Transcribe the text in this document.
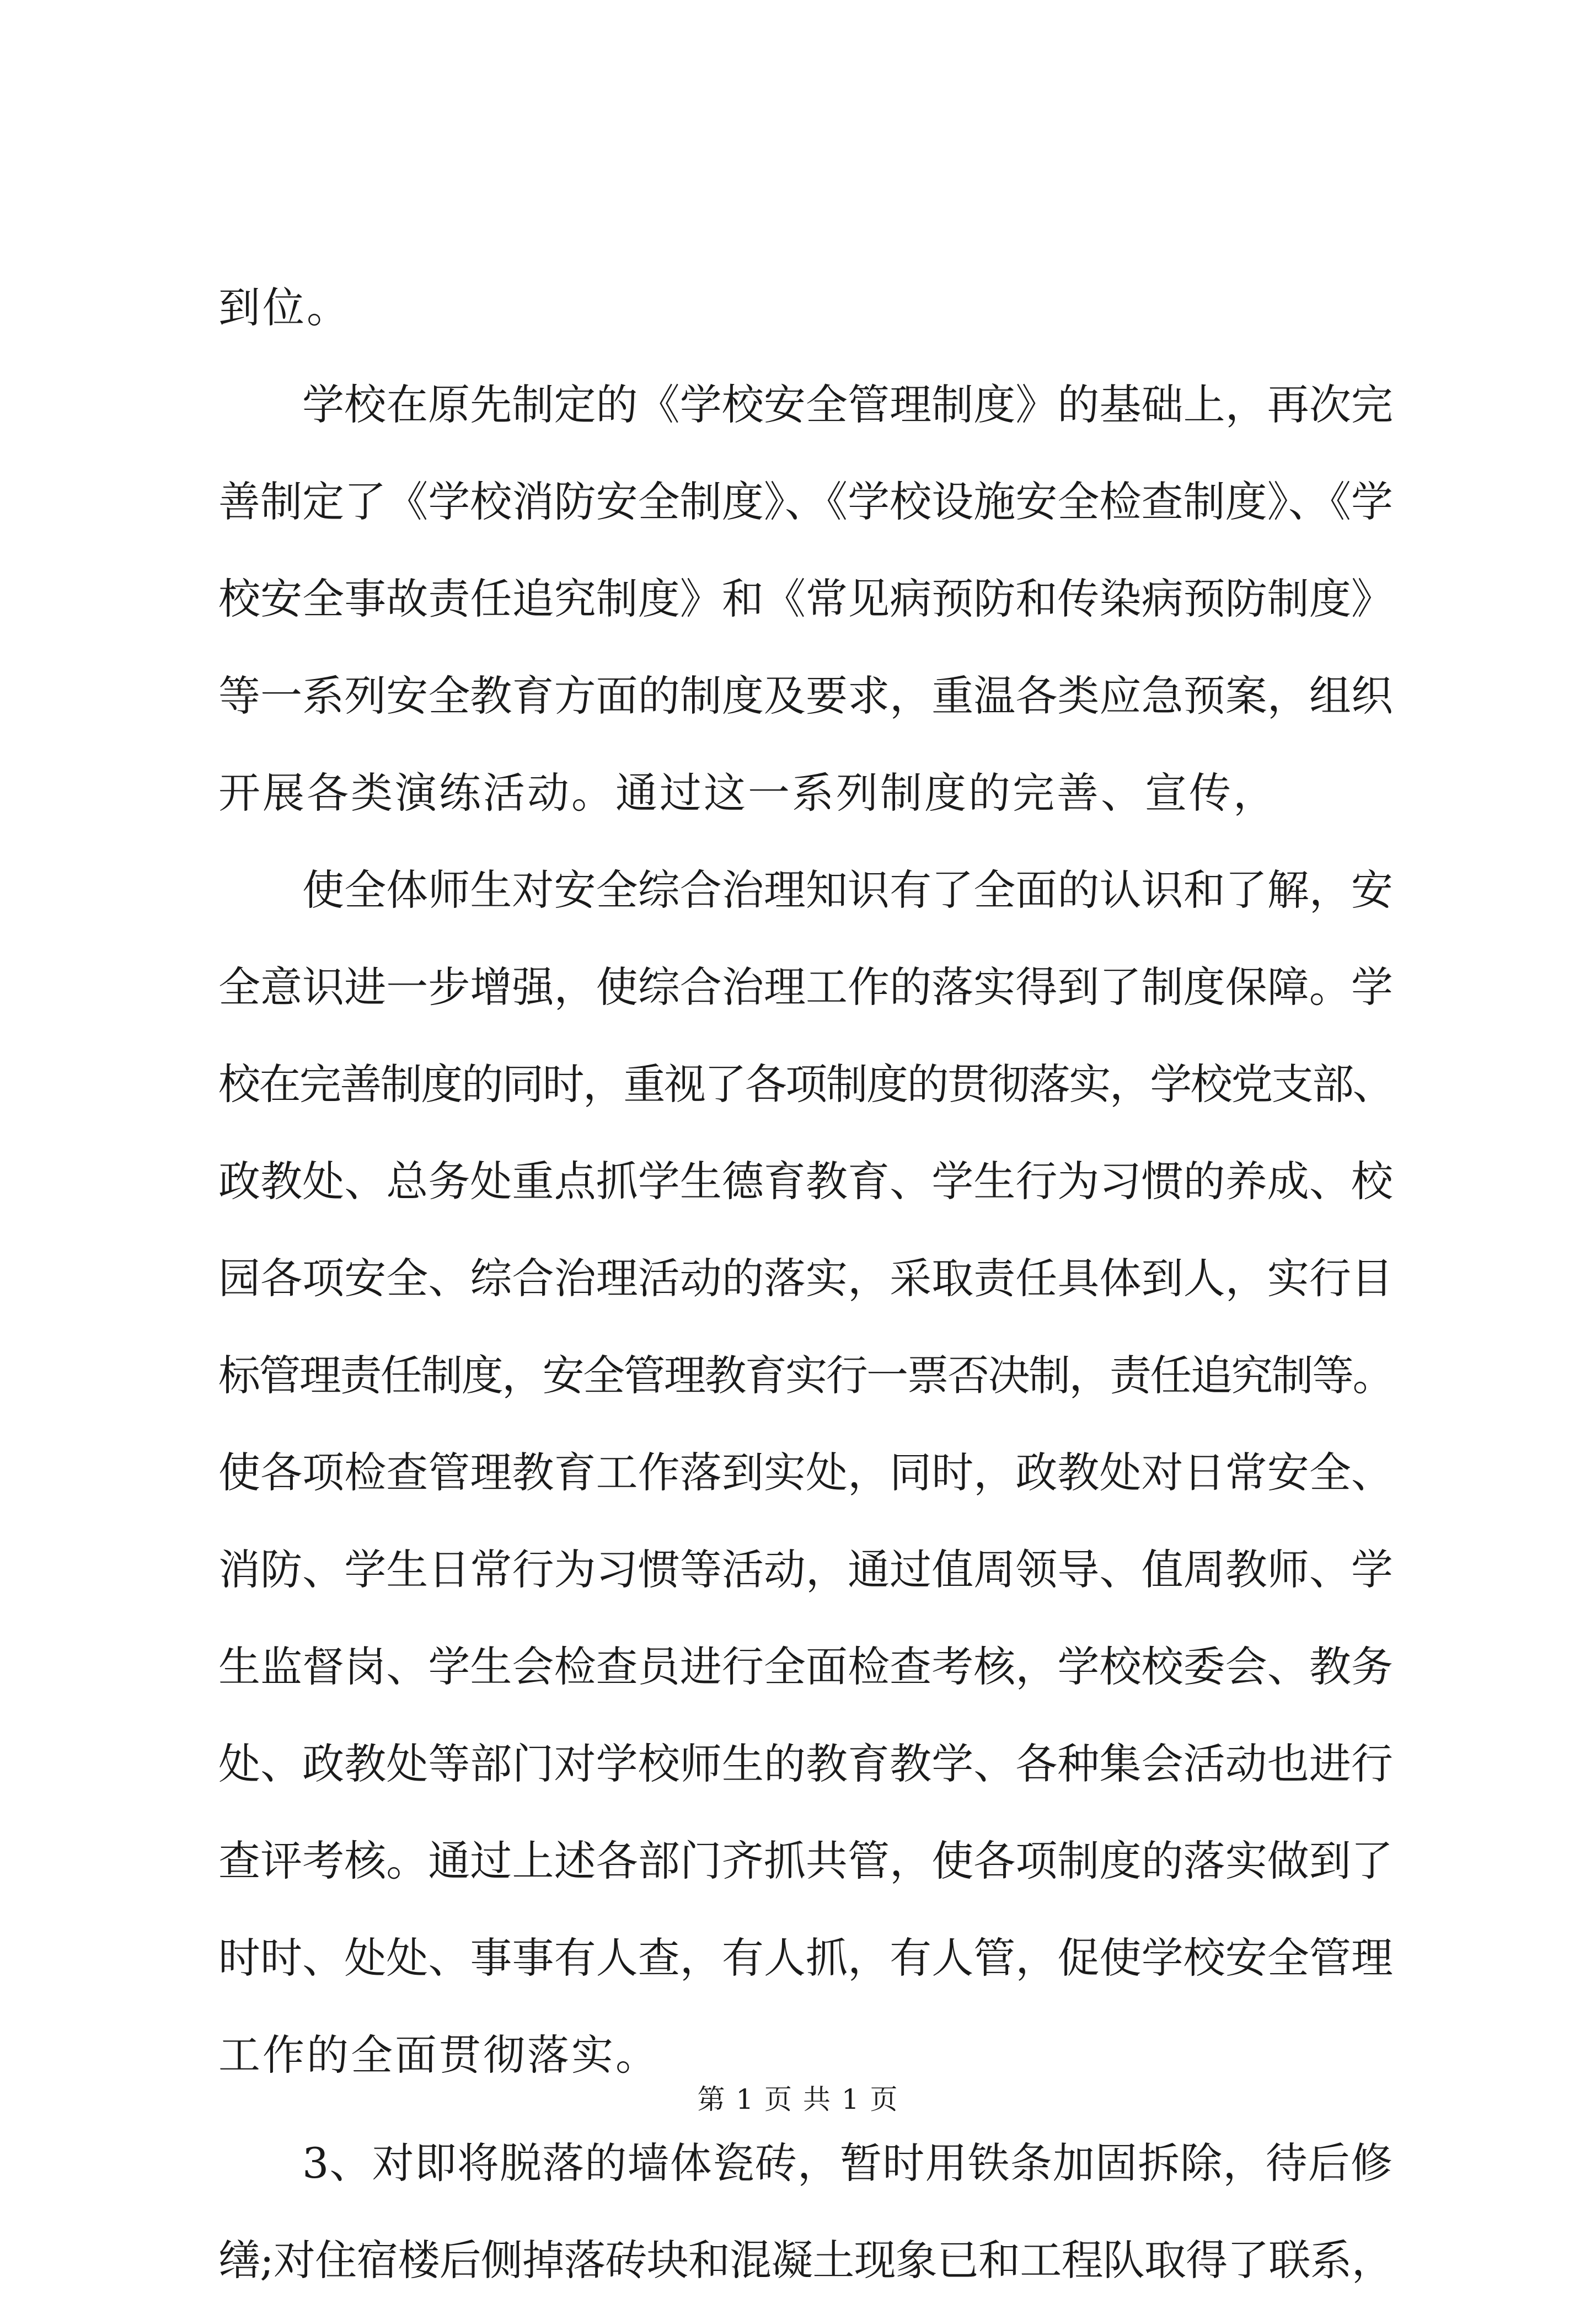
到位。
学校在原先制定的《学校安全管理制度》的基础上，再次完
善制定了《学校消防安全制度》、《学校设施安全检查制度》、《学
校安全事故责任追究制度》和《常见病预防和传染病预防制度》
等一系列安全教育方面的制度及要求，重温各类应急预案，组织
开展各类演练活动。通过这一系列制度的完善、宣传，
使全体师生对安全综合治理知识有了全面的认识和了解，安
全意识进一步增强，使综合治理工作的落实得到了制度保障。学
校在完善制度的同时，重视了各项制度的贯彻落实，学校党支部、
政教处、总务处重点抓学生德育教育、学生行为习惯的养成、校
园各项安全、综合治理活动的落实，采取责任具体到人，实行目
标管理责任制度，安全管理教育实行一票否决制，责任追究制等。
使各项检查管理教育工作落到实处，同时，政教处对日常安全、
消防、学生日常行为习惯等活动，通过值周领导、值周教师、学
生监督岗、学生会检查员进行全面检查考核，学校校委会、教务
处、政教处等部门对学校师生的教育教学、各种集会活动也进行
查评考核。通过上述各部门齐抓共管，使各项制度的落实做到了
时时、处处、事事有人查，有人抓，有人管，促使学校安全管理
工作的全面贯彻落实。
3、对即将脱落的墙体瓷砖，暂时用铁条加固拆除，待后修
缮;对住宿楼后侧掉落砖块和混凝土现象已和工程队取得了联系，
第 1 页 共 1 页
